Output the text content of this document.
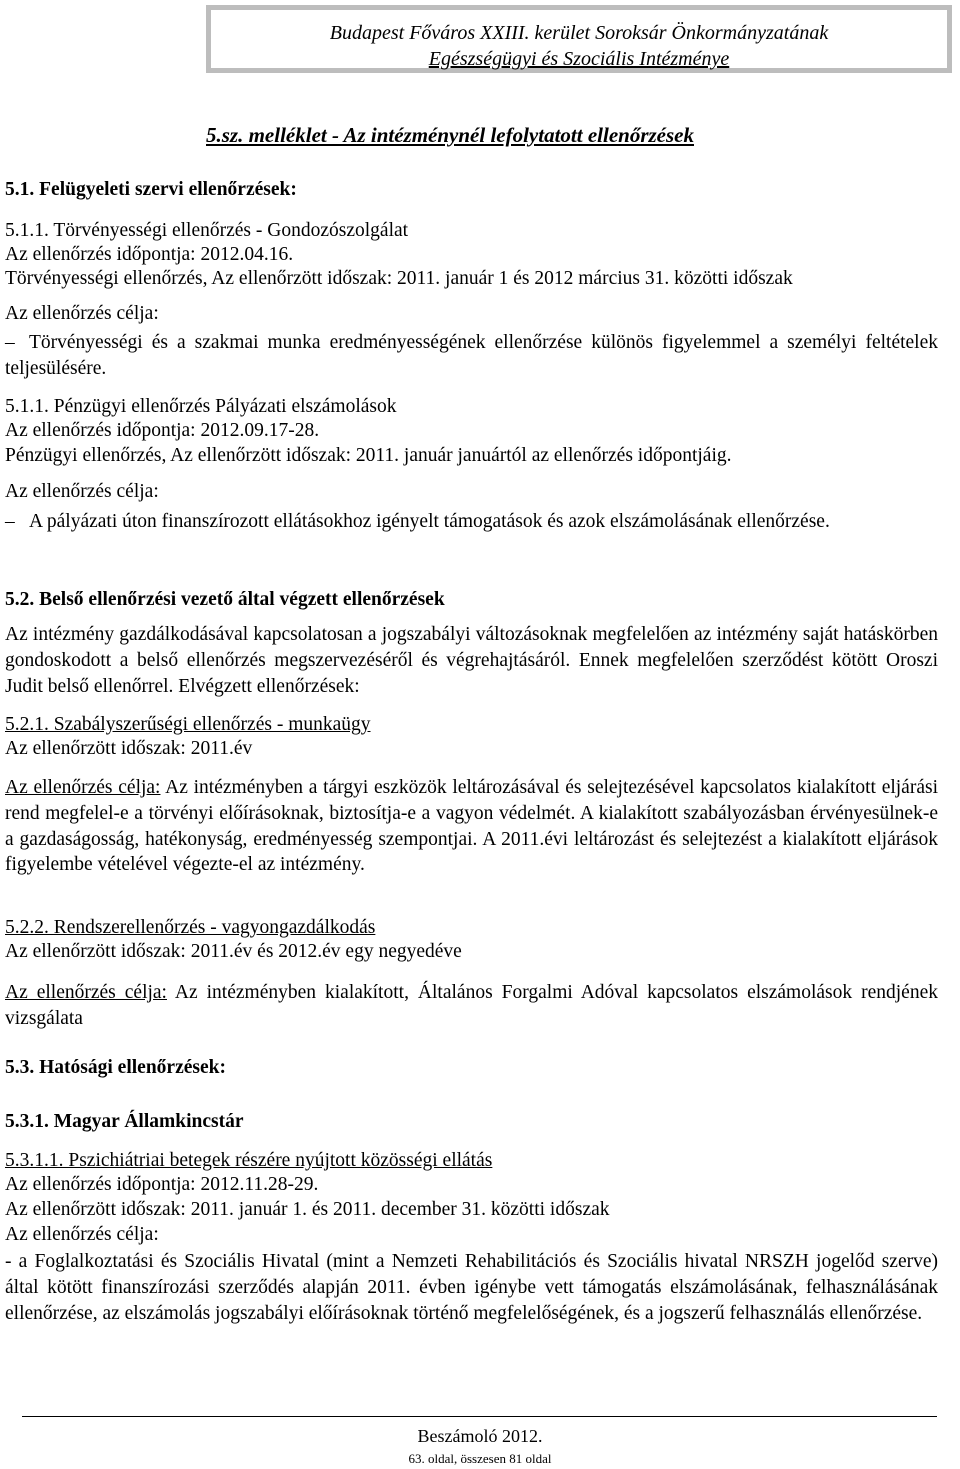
Budapest Főváros XXIII. kerület Soroksár Önkormányzatának
Egészségügyi és Szociális Intézménye
5.sz. melléklet - Az intézménynél lefolytatott ellenőrzések
5.1. Felügyeleti szervi ellenőrzések:
5.1.1. Törvényességi ellenőrzés - Gondozószolgálat
Az ellenőrzés időpontja: 2012.04.16.
Törvényességi ellenőrzés, Az ellenőrzött időszak: 2011. január 1 és 2012 március 31. közötti időszak
Az ellenőrzés célja:
– Törvényességi és a szakmai munka eredményességének ellenőrzése különös figyelemmel a személyi feltételek teljesülésére.
5.1.1. Pénzügyi ellenőrzés Pályázati elszámolások
Az ellenőrzés időpontja: 2012.09.17-28.
Pénzügyi ellenőrzés, Az ellenőrzött időszak: 2011. január januártól az ellenőrzés időpontjáig.
Az ellenőrzés célja:
– A pályázati úton finanszírozott ellátásokhoz igényelt támogatások és azok elszámolásának ellenőrzése.
5.2. Belső ellenőrzési vezető által végzett ellenőrzések
Az intézmény gazdálkodásával kapcsolatosan a jogszabályi változásoknak megfelelően az intézmény saját hatáskörben gondoskodott a belső ellenőrzés megszervezéséről és végrehajtásáról. Ennek megfelelően szerződést kötött Oroszi Judit belső ellenőrrel. Elvégzett ellenőrzések:
5.2.1. Szabályszerűségi ellenőrzés - munkaügy
Az ellenőrzött időszak: 2011.év
Az ellenőrzés célja: Az intézményben a tárgyi eszközök leltározásával és selejtezésével kapcsolatos kialakított eljárási rend megfelel-e a törvényi előírásoknak, biztosítja-e a vagyon védelmét. A kialakított szabályozásban érvényesülnek-e a gazdaságosság, hatékonyság, eredményesség szempontjai. A 2011.évi leltározást és selejtezést a kialakított eljárások figyelembe vételével végezte-el az intézmény.
5.2.2. Rendszerellenőrzés - vagyongazdálkodás
Az ellenőrzött időszak: 2011.év és 2012.év egy negyedéve
Az ellenőrzés célja: Az intézményben kialakított, Általános Forgalmi Adóval kapcsolatos elszámolások rendjének vizsgálata
5.3. Hatósági ellenőrzések:
5.3.1. Magyar Államkincstár
5.3.1.1. Pszichiátriai betegek részére nyújtott közösségi ellátás
Az ellenőrzés időpontja: 2012.11.28-29.
Az ellenőrzött időszak: 2011. január 1. és 2011. december 31. közötti időszak
Az ellenőrzés célja:
- a Foglalkoztatási és Szociális Hivatal (mint a Nemzeti Rehabilitációs és Szociális hivatal NRSZH jogelőd szerve) által kötött finanszírozási szerződés alapján 2011. évben igénybe vett támogatás elszámolásának, felhasználásának ellenőrzése, az elszámolás jogszabályi előírásoknak történő megfelelőségének, és a jogszerű felhasználás ellenőrzése.
Beszámoló 2012.
63. oldal, összesen 81 oldal
